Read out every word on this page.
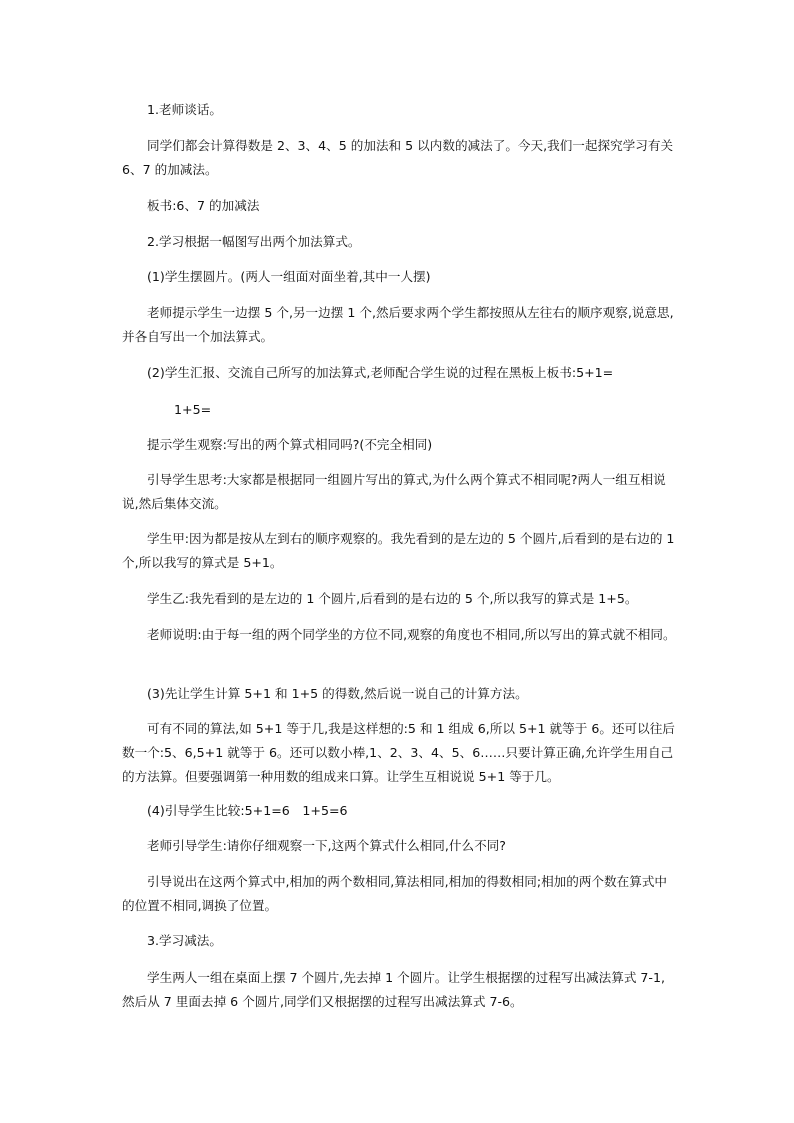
1.老师谈话。

同学们都会计算得数是 2、3、4、5 的加法和 5 以内数的减法了。今天,我们一起探究学习有关 6、7 的加减法。

板书:6、7 的加减法

2.学习根据一幅图写出两个加法算式。

(1)学生摆圆片。(两人一组面对面坐着,其中一人摆)

老师提示学生一边摆 5 个,另一边摆 1 个,然后要求两个学生都按照从左往右的顺序观察,说意思,并各自写出一个加法算式。

(2)学生汇报、交流自己所写的加法算式,老师配合学生说的过程在黑板上板书:5+1=

1+5=

提示学生观察:写出的两个算式相同吗?(不完全相同)

引导学生思考:大家都是根据同一组圆片写出的算式,为什么两个算式不相同呢?两人一组互相说说,然后集体交流。

学生甲:因为都是按从左到右的顺序观察的。我先看到的是左边的 5 个圆片,后看到的是右边的 1 个,所以我写的算式是 5+1。

学生乙:我先看到的是左边的 1 个圆片,后看到的是右边的 5 个,所以我写的算式是 1+5。

老师说明:由于每一组的两个同学坐的方位不同,观察的角度也不相同,所以写出的算式就不相同。

(3)先让学生计算 5+1 和 1+5 的得数,然后说一说自己的计算方法。

可有不同的算法,如 5+1 等于几,我是这样想的:5 和 1 组成 6,所以 5+1 就等于 6。还可以往后数一个:5、6,5+1 就等于 6。还可以数小棒,1、2、3、4、5、6……只要计算正确,允许学生用自己的方法算。但要强调第一种用数的组成来口算。让学生互相说说 5+1 等于几。

(4)引导学生比较:5+1=6　1+5=6

老师引导学生:请你仔细观察一下,这两个算式什么相同,什么不同?

引导说出在这两个算式中,相加的两个数相同,算法相同,相加的得数相同;相加的两个数在算式中的位置不相同,调换了位置。

3.学习减法。

学生两人一组在桌面上摆 7 个圆片,先去掉 1 个圆片。让学生根据摆的过程写出减法算式 7-1,然后从 7 里面去掉 6 个圆片,同学们又根据摆的过程写出减法算式 7-6。
